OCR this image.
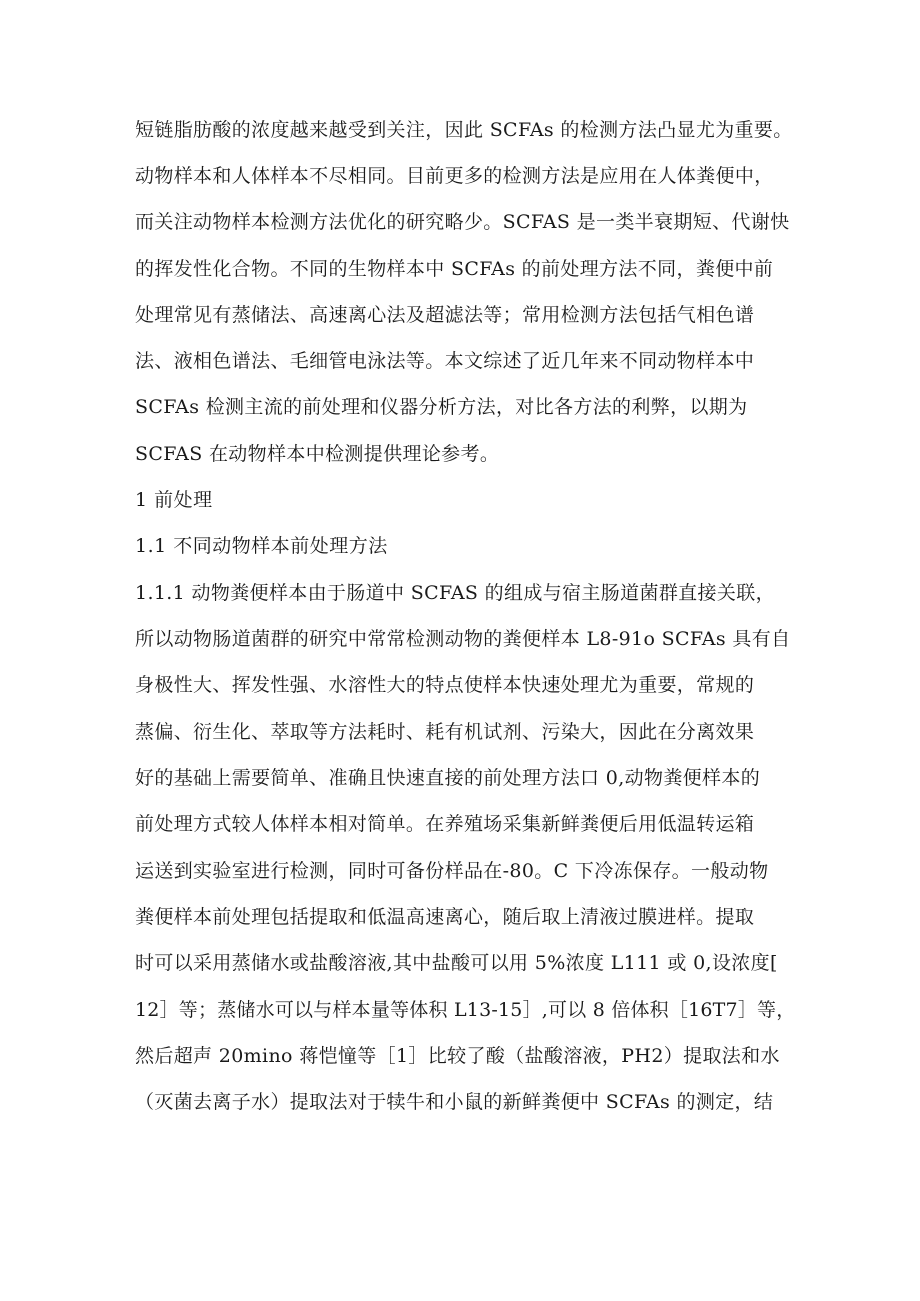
短链脂肪酸的浓度越来越受到关注，因此 SCFAs 的检测方法凸显尤为重要。
动物样本和人体样本不尽相同。目前更多的检测方法是应用在人体粪便中，
而关注动物样本检测方法优化的研究略少。SCFAS 是一类半衰期短、代谢快
的挥发性化合物。不同的生物样本中 SCFAs 的前处理方法不同，粪便中前
处理常见有蒸储法、高速离心法及超滤法等；常用检测方法包括气相色谱
法、液相色谱法、毛细管电泳法等。本文综述了近几年来不同动物样本中
SCFAs 检测主流的前处理和仪器分析方法，对比各方法的利弊，以期为
SCFAS 在动物样本中检测提供理论参考。
1 前处理
1.1 不同动物样本前处理方法
1.1.1 动物粪便样本由于肠道中 SCFAS 的组成与宿主肠道菌群直接关联，
所以动物肠道菌群的研究中常常检测动物的粪便样本 L8-91o SCFAs 具有自
身极性大、挥发性强、水溶性大的特点使样本快速处理尤为重要，常规的
蒸偏、衍生化、萃取等方法耗时、耗有机试剂、污染大，因此在分离效果
好的基础上需要简单、准确且快速直接的前处理方法口 0,动物粪便样本的
前处理方式较人体样本相对简单。在养殖场采集新鲜粪便后用低温转运箱
运送到实验室进行检测，同时可备份样品在-80。C 下冷冻保存。一般动物
粪便样本前处理包括提取和低温高速离心，随后取上清液过膜进样。提取
时可以采用蒸储水或盐酸溶液,其中盐酸可以用 5%浓度 L111 或 0,设浓度[
12］等；蒸储水可以与样本量等体积 L13-15］,可以 8 倍体积［16T7］等，
然后超声 20mino 蒋恺憧等［1］比较了酸（盐酸溶液，PH2）提取法和水
（灭菌去离子水）提取法对于犊牛和小鼠的新鲜粪便中 SCFAs 的测定，结
